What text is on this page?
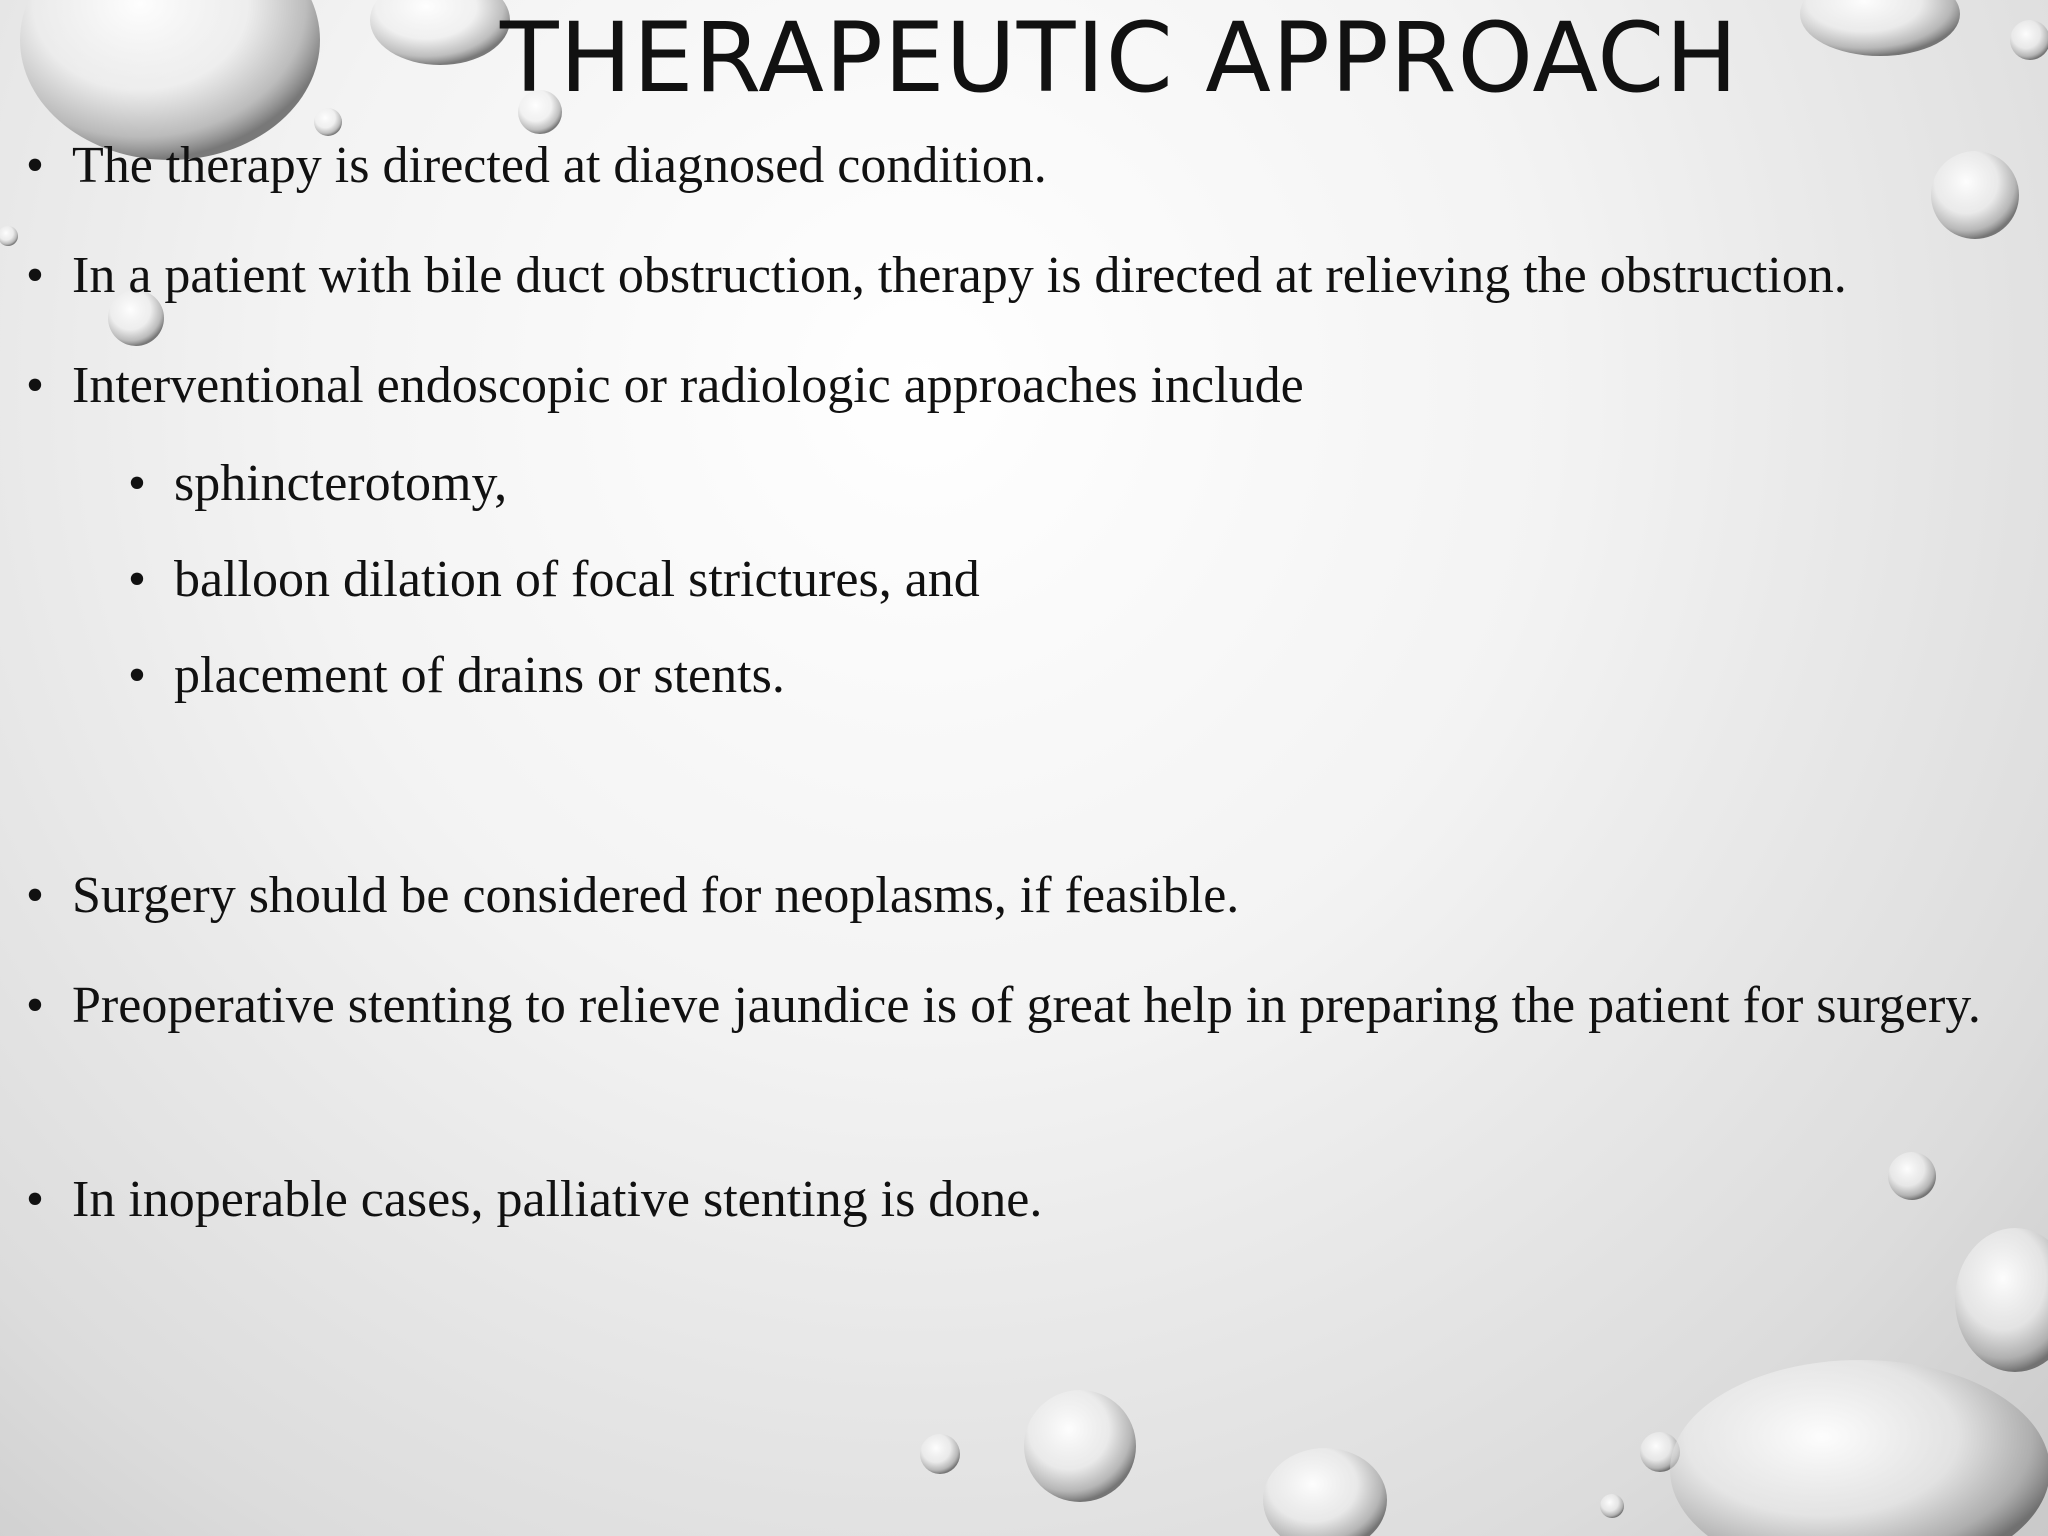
THERAPEUTIC APPROACH
• The therapy is directed at diagnosed condition.
• In a patient with bile duct obstruction, therapy is directed at relieving the obstruction.
• Interventional endoscopic or radiologic approaches include
• sphincterotomy,
• balloon dilation of focal strictures, and
• placement of drains or stents.
• Surgery should be considered for neoplasms, if feasible.
• Preoperative stenting to relieve jaundice is of great help in preparing the patient for surgery.
• In inoperable cases, palliative stenting is done.
